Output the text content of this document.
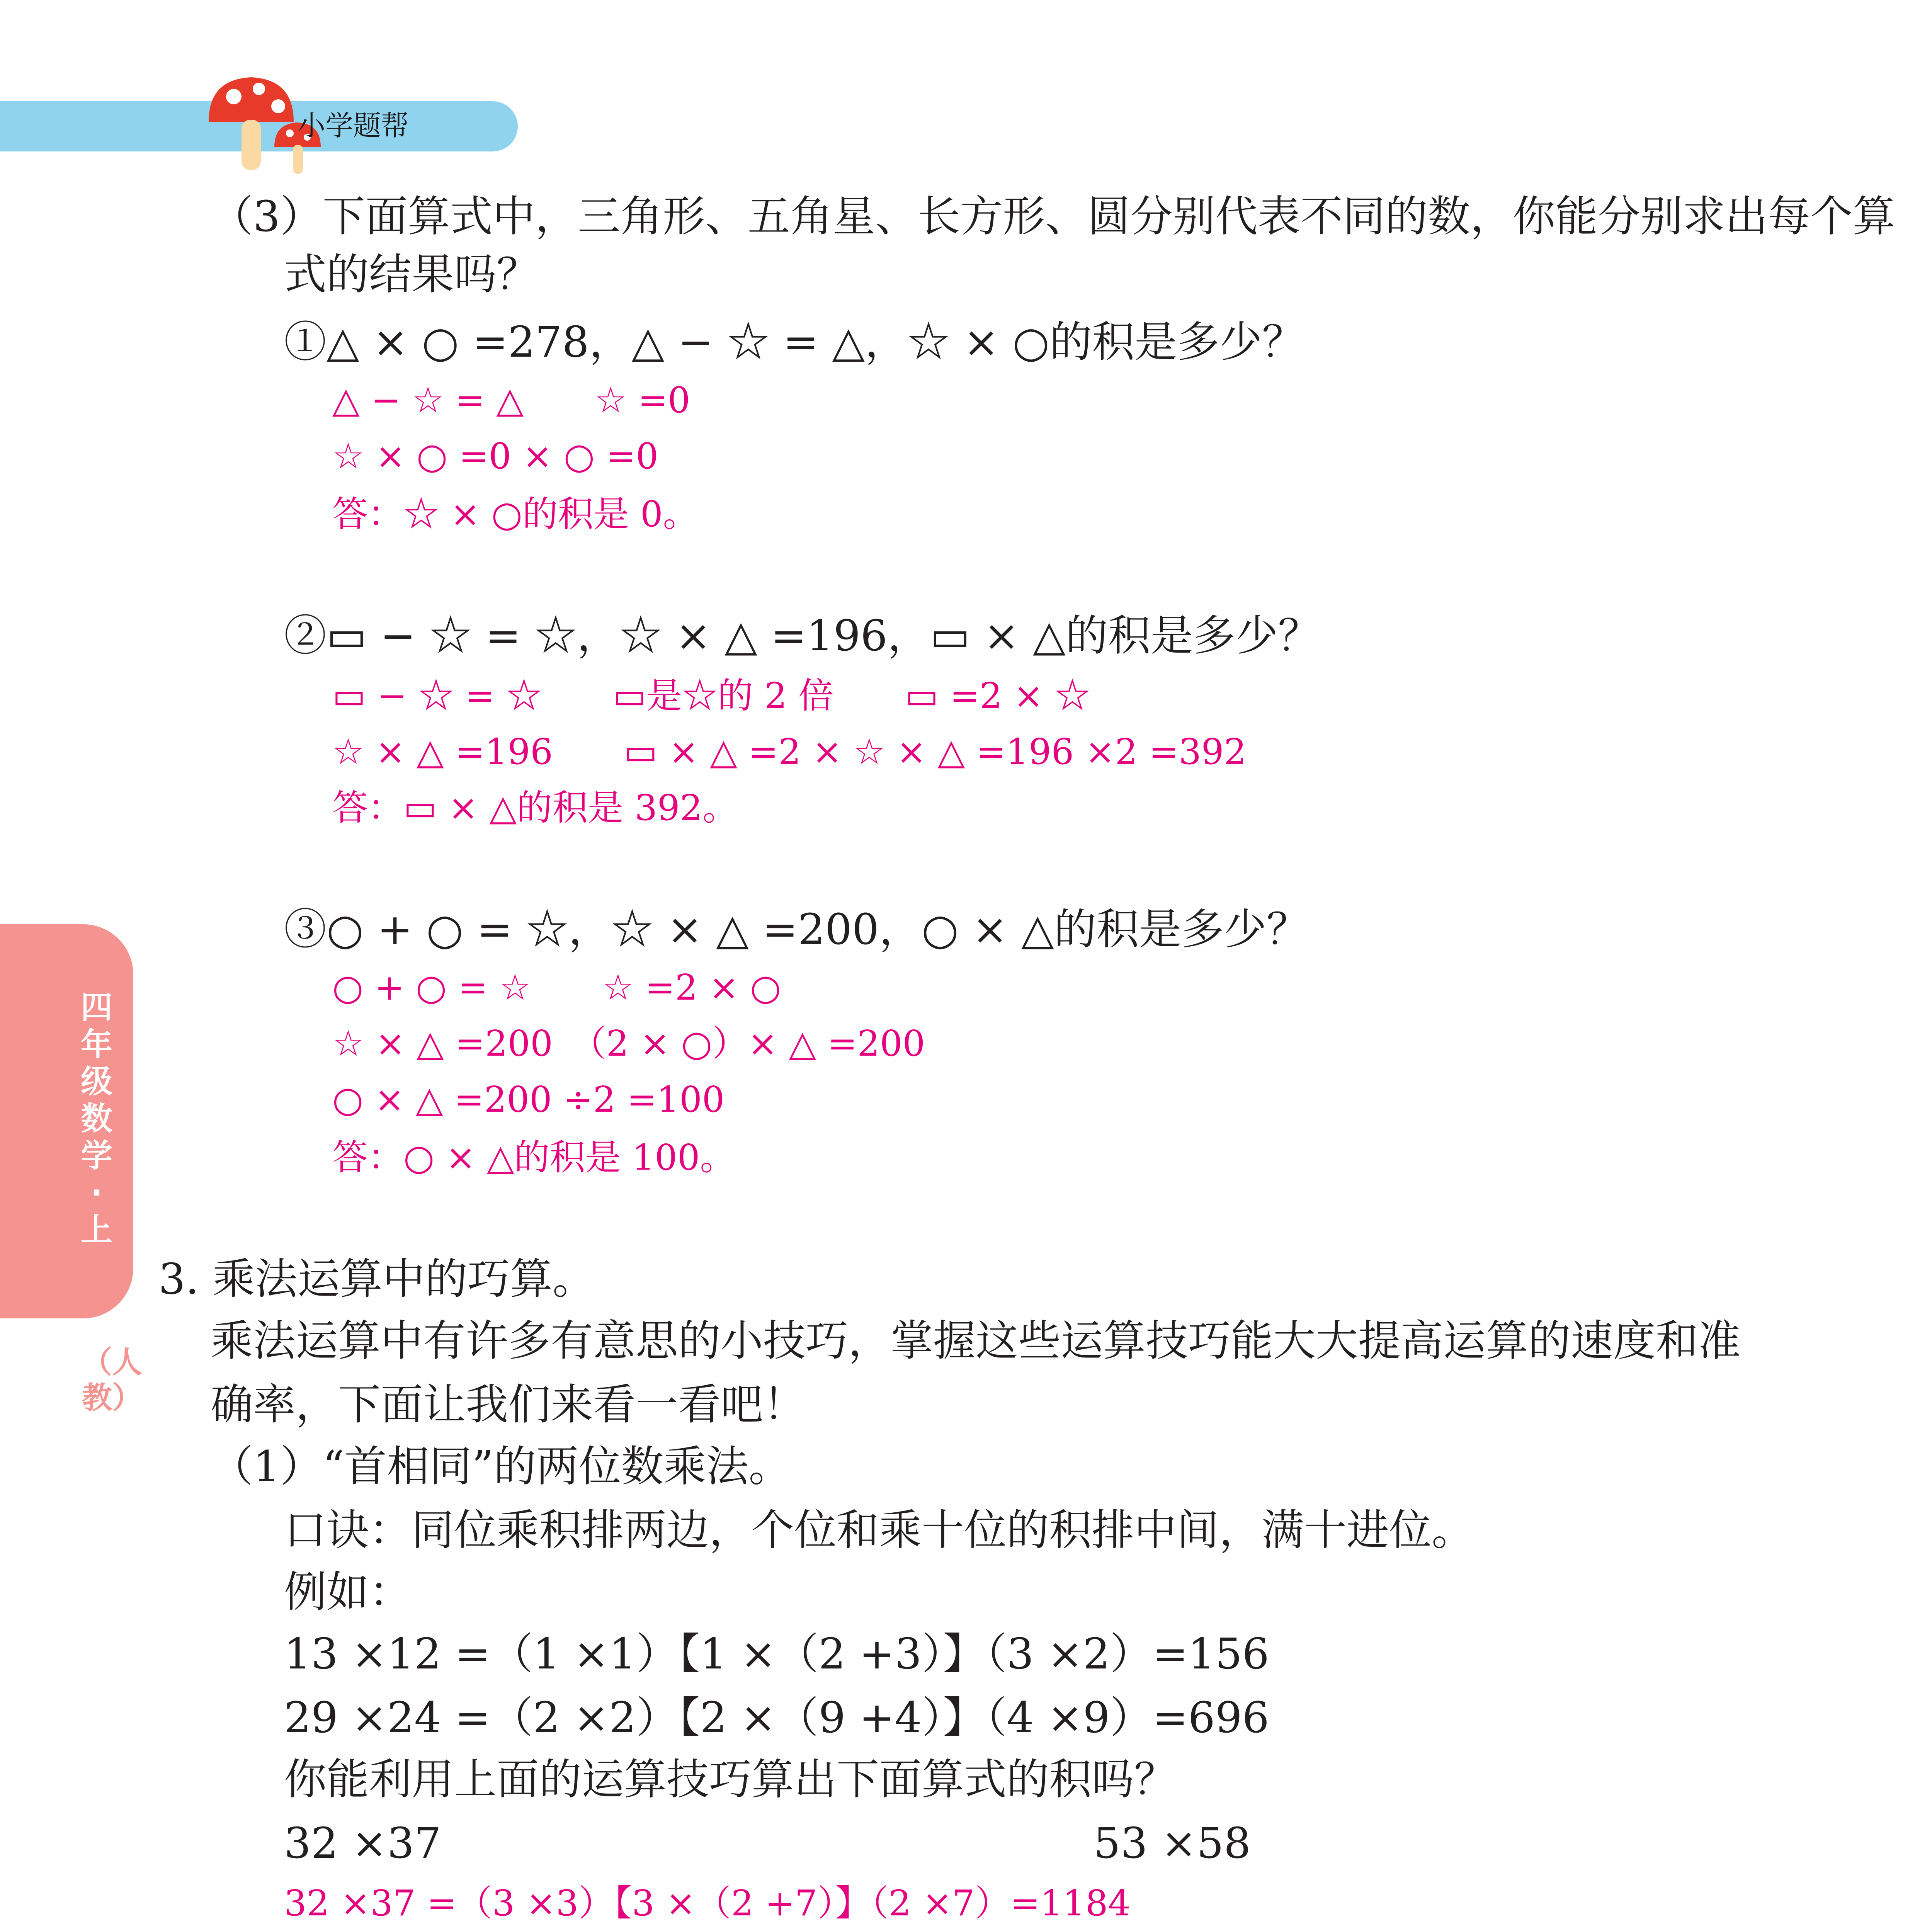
小学题帮
四年级数学·上
（人教）
（3）下面算式中，三角形、五角星、长方形、圆分别代表不同的数，你能分别求出每个算
式的结果吗？
①△ × ○ =278，△ − ☆ = △，☆ × ○的积是多少？
△ − ☆ = △　　☆ =0
☆ × ○ =0 × ○ =0
答：☆ × ○的积是 0。
②▭ − ☆ = ☆，☆ × △ =196，▭ × △的积是多少？
▭ − ☆ = ☆　　▭是☆的 2 倍　　▭ =2 × ☆
☆ × △ =196　　▭ × △ =2 × ☆ × △ =196 ×2 =392
答：▭ × △的积是 392。
③○ + ○ = ☆，☆ × △ =200，○ × △的积是多少？
○ + ○ = ☆　　☆ =2 × ○
☆ × △ =200　（2 × ○）× △ =200
○ × △ =200 ÷2 =100
答：○ × △的积是 100。
3. 乘法运算中的巧算。
乘法运算中有许多有意思的小技巧，掌握这些运算技巧能大大提高运算的速度和准
确率，下面让我们来看一看吧！
（1）“首相同”的两位数乘法。
口诀：同位乘积排两边，个位和乘十位的积排中间，满十进位。
例如：
13 ×12 =（1 ×1）【1 ×（2 +3）】（3 ×2）=156
29 ×24 =（2 ×2）【2 ×（9 +4）】（4 ×9）=696
你能利用上面的运算技巧算出下面算式的积吗？
32 ×37	53 ×58
32 ×37 =（3 ×3）【3 ×（2 +7）】（2 ×7）=1184
